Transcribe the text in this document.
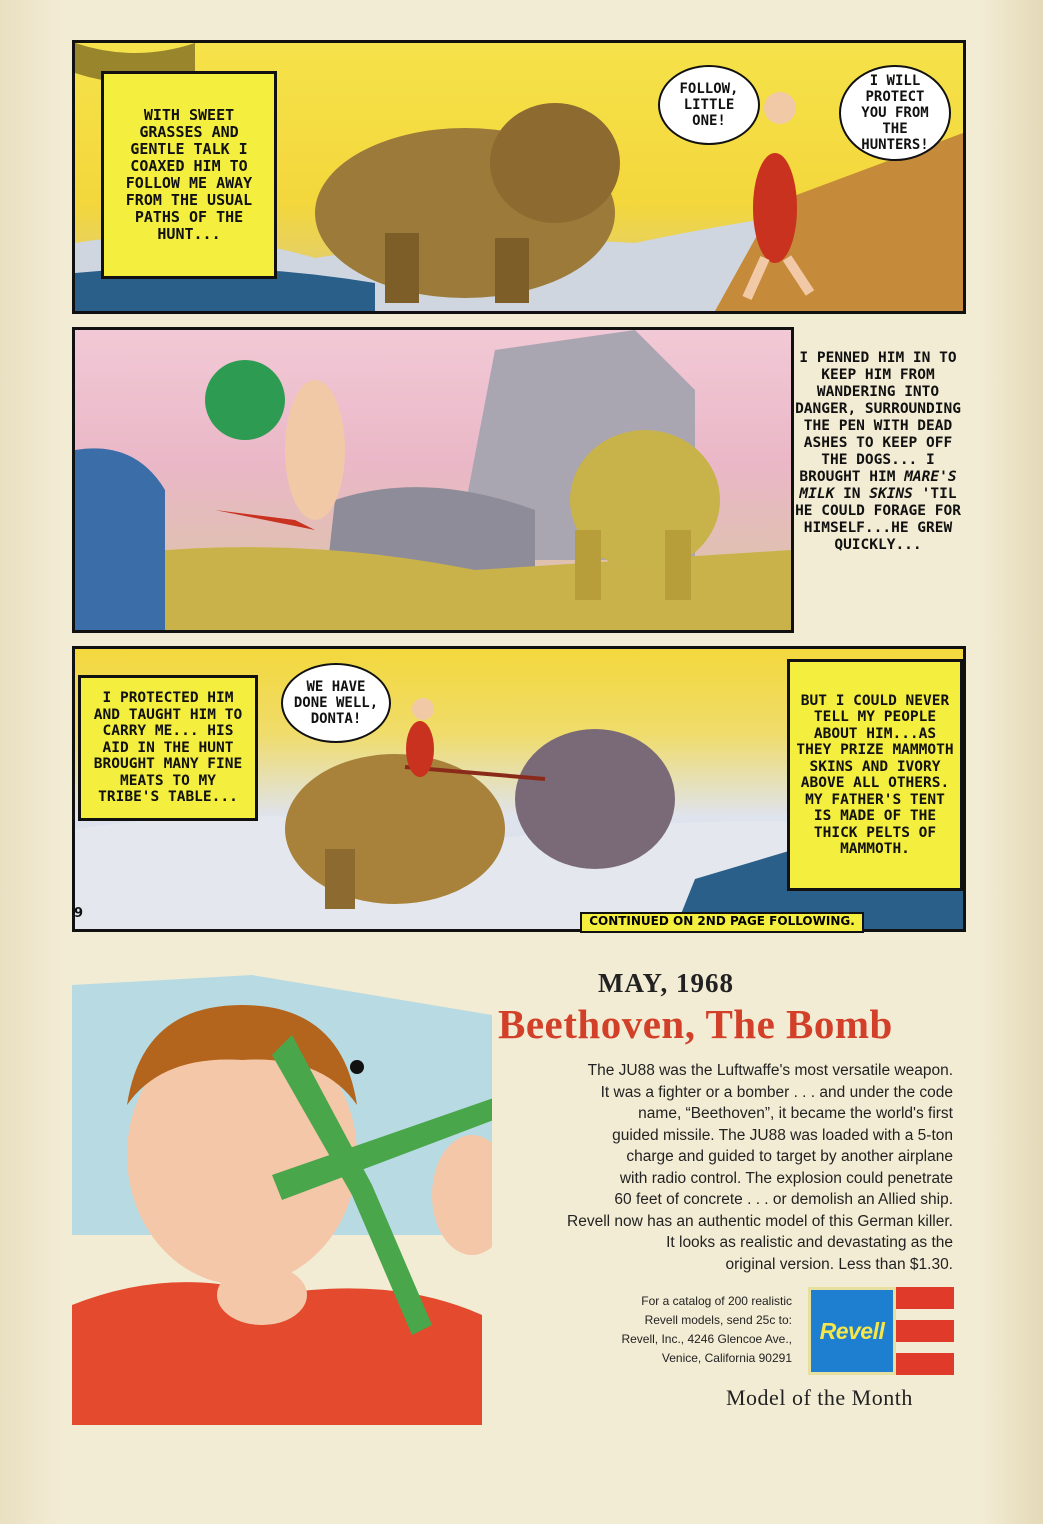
WITH SWEET GRASSES AND GENTLE TALK I COAXED HIM TO FOLLOW ME AWAY FROM THE USUAL PATHS OF THE HUNT...
FOLLOW, LITTLE ONE!
I WILL PROTECT YOU FROM THE HUNTERS!
I PENNED HIM IN TO KEEP HIM FROM WANDERING INTO DANGER, SURROUNDING THE PEN WITH DEAD ASHES TO KEEP OFF THE DOGS... I BROUGHT HIM MARE'S MILK IN SKINS 'TIL HE COULD FORAGE FOR HIMSELF...HE GREW QUICKLY...
I PROTECTED HIM AND TAUGHT HIM TO CARRY ME... HIS AID IN THE HUNT BROUGHT MANY FINE MEATS TO MY TRIBE'S TABLE...
WE HAVE DONE WELL, DONTA!
BUT I COULD NEVER TELL MY PEOPLE ABOUT HIM...AS THEY PRIZE MAMMOTH SKINS AND IVORY ABOVE ALL OTHERS. MY FATHER'S TENT IS MADE OF THE THICK PELTS OF MAMMOTH.
9	CONTINUED ON 2ND PAGE FOLLOWING.
MAY, 1968
Beethoven, The Bomb
The JU88 was the Luftwaffe's most versatile weapon.
It was a fighter or a bomber . . . and under the code
name, “Beethoven”, it became the world's first
guided missile. The JU88 was loaded with a 5-ton
charge and guided to target by another airplane
with radio control. The explosion could penetrate
60 feet of concrete . . . or demolish an Allied ship.
Revell now has an authentic model of this German killer.
It looks as realistic and devastating as the
original version. Less than $1.30.
For a catalog of 200 realistic
Revell models, send 25c to:
Revell, Inc., 4246 Glencoe Ave.,
Venice, California 90291
Revell
Model of the Month
